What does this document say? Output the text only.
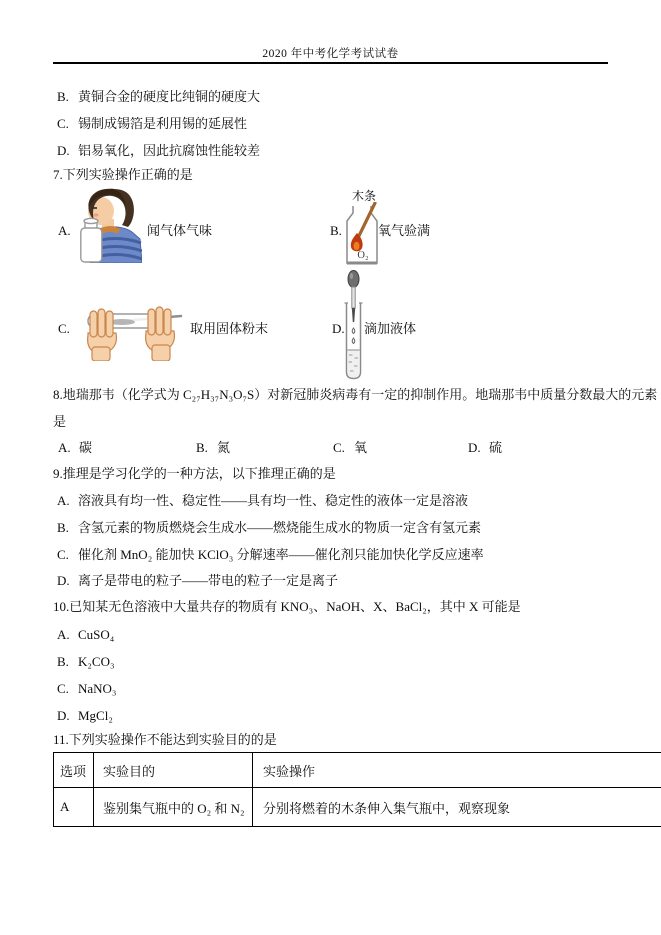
2020 年中考化学考试试卷
B. 黄铜合金的硬度比纯铜的硬度大
C. 锡制成锡箔是利用锡的延展性
D. 铝易氧化，因此抗腐蚀性能较差
7.下列实验操作正确的是
A.	闻气体气味
木条
O₂
B.	氧气验满
C.	取用固体粉末	D. 滴加液体
8.地瑞那韦（化学式为 C₂₇H₃₇N₃O₇S）对新冠肺炎病毒有一定的抑制作用。地瑞那韦中质量分数最大的元素
是
A. 碳	B. 氮	C. 氧	D. 硫
9.推理是学习化学的一种方法，以下推理正确的是
A. 溶液具有均一性、稳定性——具有均一性、稳定性的液体一定是溶液
B. 含氢元素的物质燃烧会生成水——燃烧能生成水的物质一定含有氢元素
C. 催化剂 MnO₂ 能加快 KClO₃ 分解速率——催化剂只能加快化学反应速率
D. 离子是带电的粒子——带电的粒子一定是离子
10.已知某无色溶液中大量共存的物质有 KNO₃、NaOH、X、BaCl₂，其中 X 可能是
A. CuSO₄
B. K₂CO₃
C. NaNO₃
D. MgCl₂
11.下列实验操作不能达到实验目的的是
选项	实验目的	实验操作
A	鉴别集气瓶中的 O₂ 和 N₂	分别将燃着的木条伸入集气瓶中，观察现象
